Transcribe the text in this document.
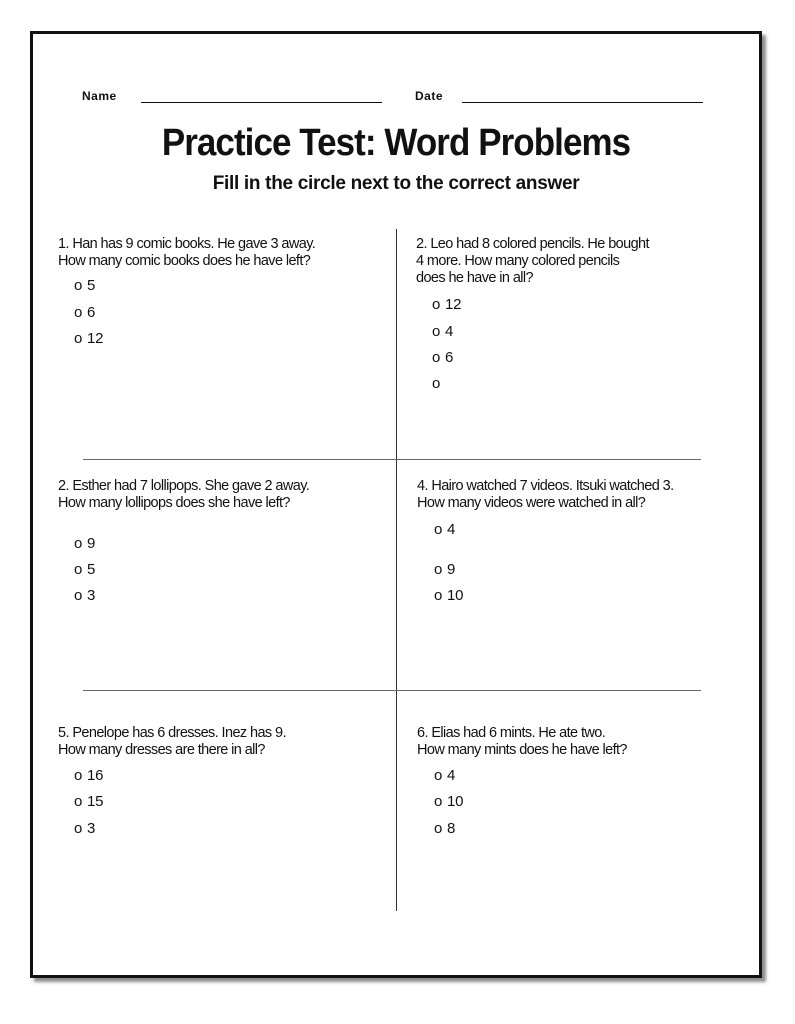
Name	Date
Practice Test: Word Problems
Fill in the circle next to the correct answer

1. Han has 9 comic books. He gave 3 away.
How many comic books does he have left?

o 5
o 6
o 12

2. Leo had 8 colored pencils. He bought
4 more. How many colored pencils
does he have in all?

o 12
o 4
o 6
o

2. Esther had 7 lollipops. She gave 2 away.
How many lollipops does she have left?

o 9
o 5
o 3

4. Hairo watched 7 videos. Itsuki watched 3.
How many videos were watched in all?

o 4
o 9
o 10

5. Penelope has 6 dresses. Inez has 9.
How many dresses are there in all?

o 16
o 15
o 3

6. Elias had 6 mints. He ate two.
How many mints does he have left?

o 4
o 10
o 8
